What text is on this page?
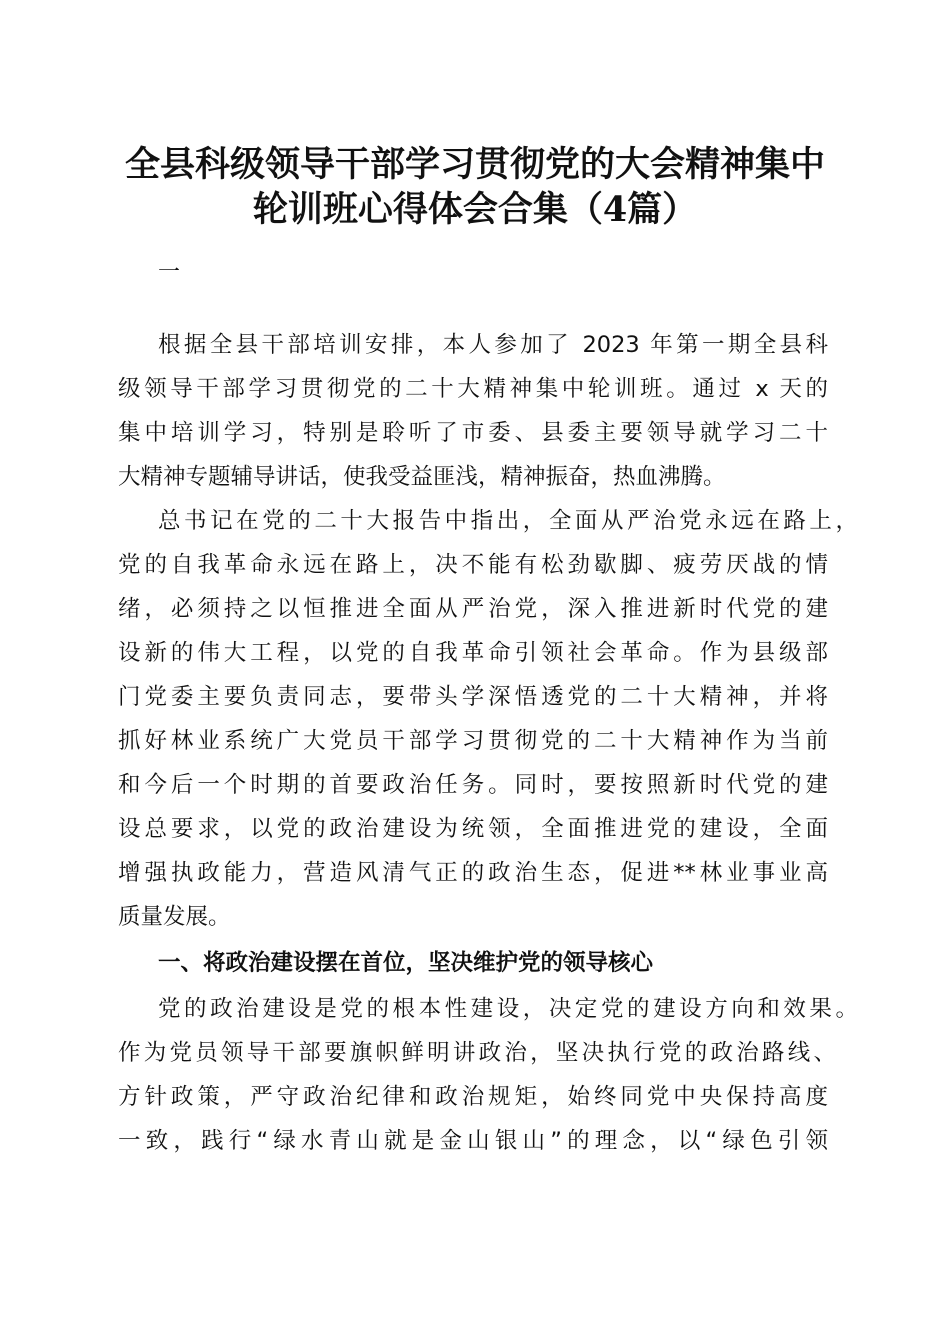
全县科级领导干部学习贯彻党的大会精神集中
轮训班心得体会合集（4篇）
一
根据全县干部培训安排，本人参加了 2023 年第一期全县科
级领导干部学习贯彻党的二十大精神集中轮训班。通过 x 天的
集中培训学习，特别是聆听了市委、县委主要领导就学习二十
大精神专题辅导讲话，使我受益匪浅，精神振奋，热血沸腾。
总书记在党的二十大报告中指出，全面从严治党永远在路上，
党的自我革命永远在路上，决不能有松劲歇脚、疲劳厌战的情
绪，必须持之以恒推进全面从严治党，深入推进新时代党的建
设新的伟大工程，以党的自我革命引领社会革命。作为县级部
门党委主要负责同志，要带头学深悟透党的二十大精神，并将
抓好林业系统广大党员干部学习贯彻党的二十大精神作为当前
和今后一个时期的首要政治任务。同时，要按照新时代党的建
设总要求，以党的政治建设为统领，全面推进党的建设，全面
增强执政能力，营造风清气正的政治生态，促进**林业事业高
质量发展。
一、将政治建设摆在首位，坚决维护党的领导核心
党的政治建设是党的根本性建设，决定党的建设方向和效果。
作为党员领导干部要旗帜鲜明讲政治，坚决执行党的政治路线、
方针政策，严守政治纪律和政治规矩，始终同党中央保持高度
一致，践行“绿水青山就是金山银山”的理念，以“绿色引领
